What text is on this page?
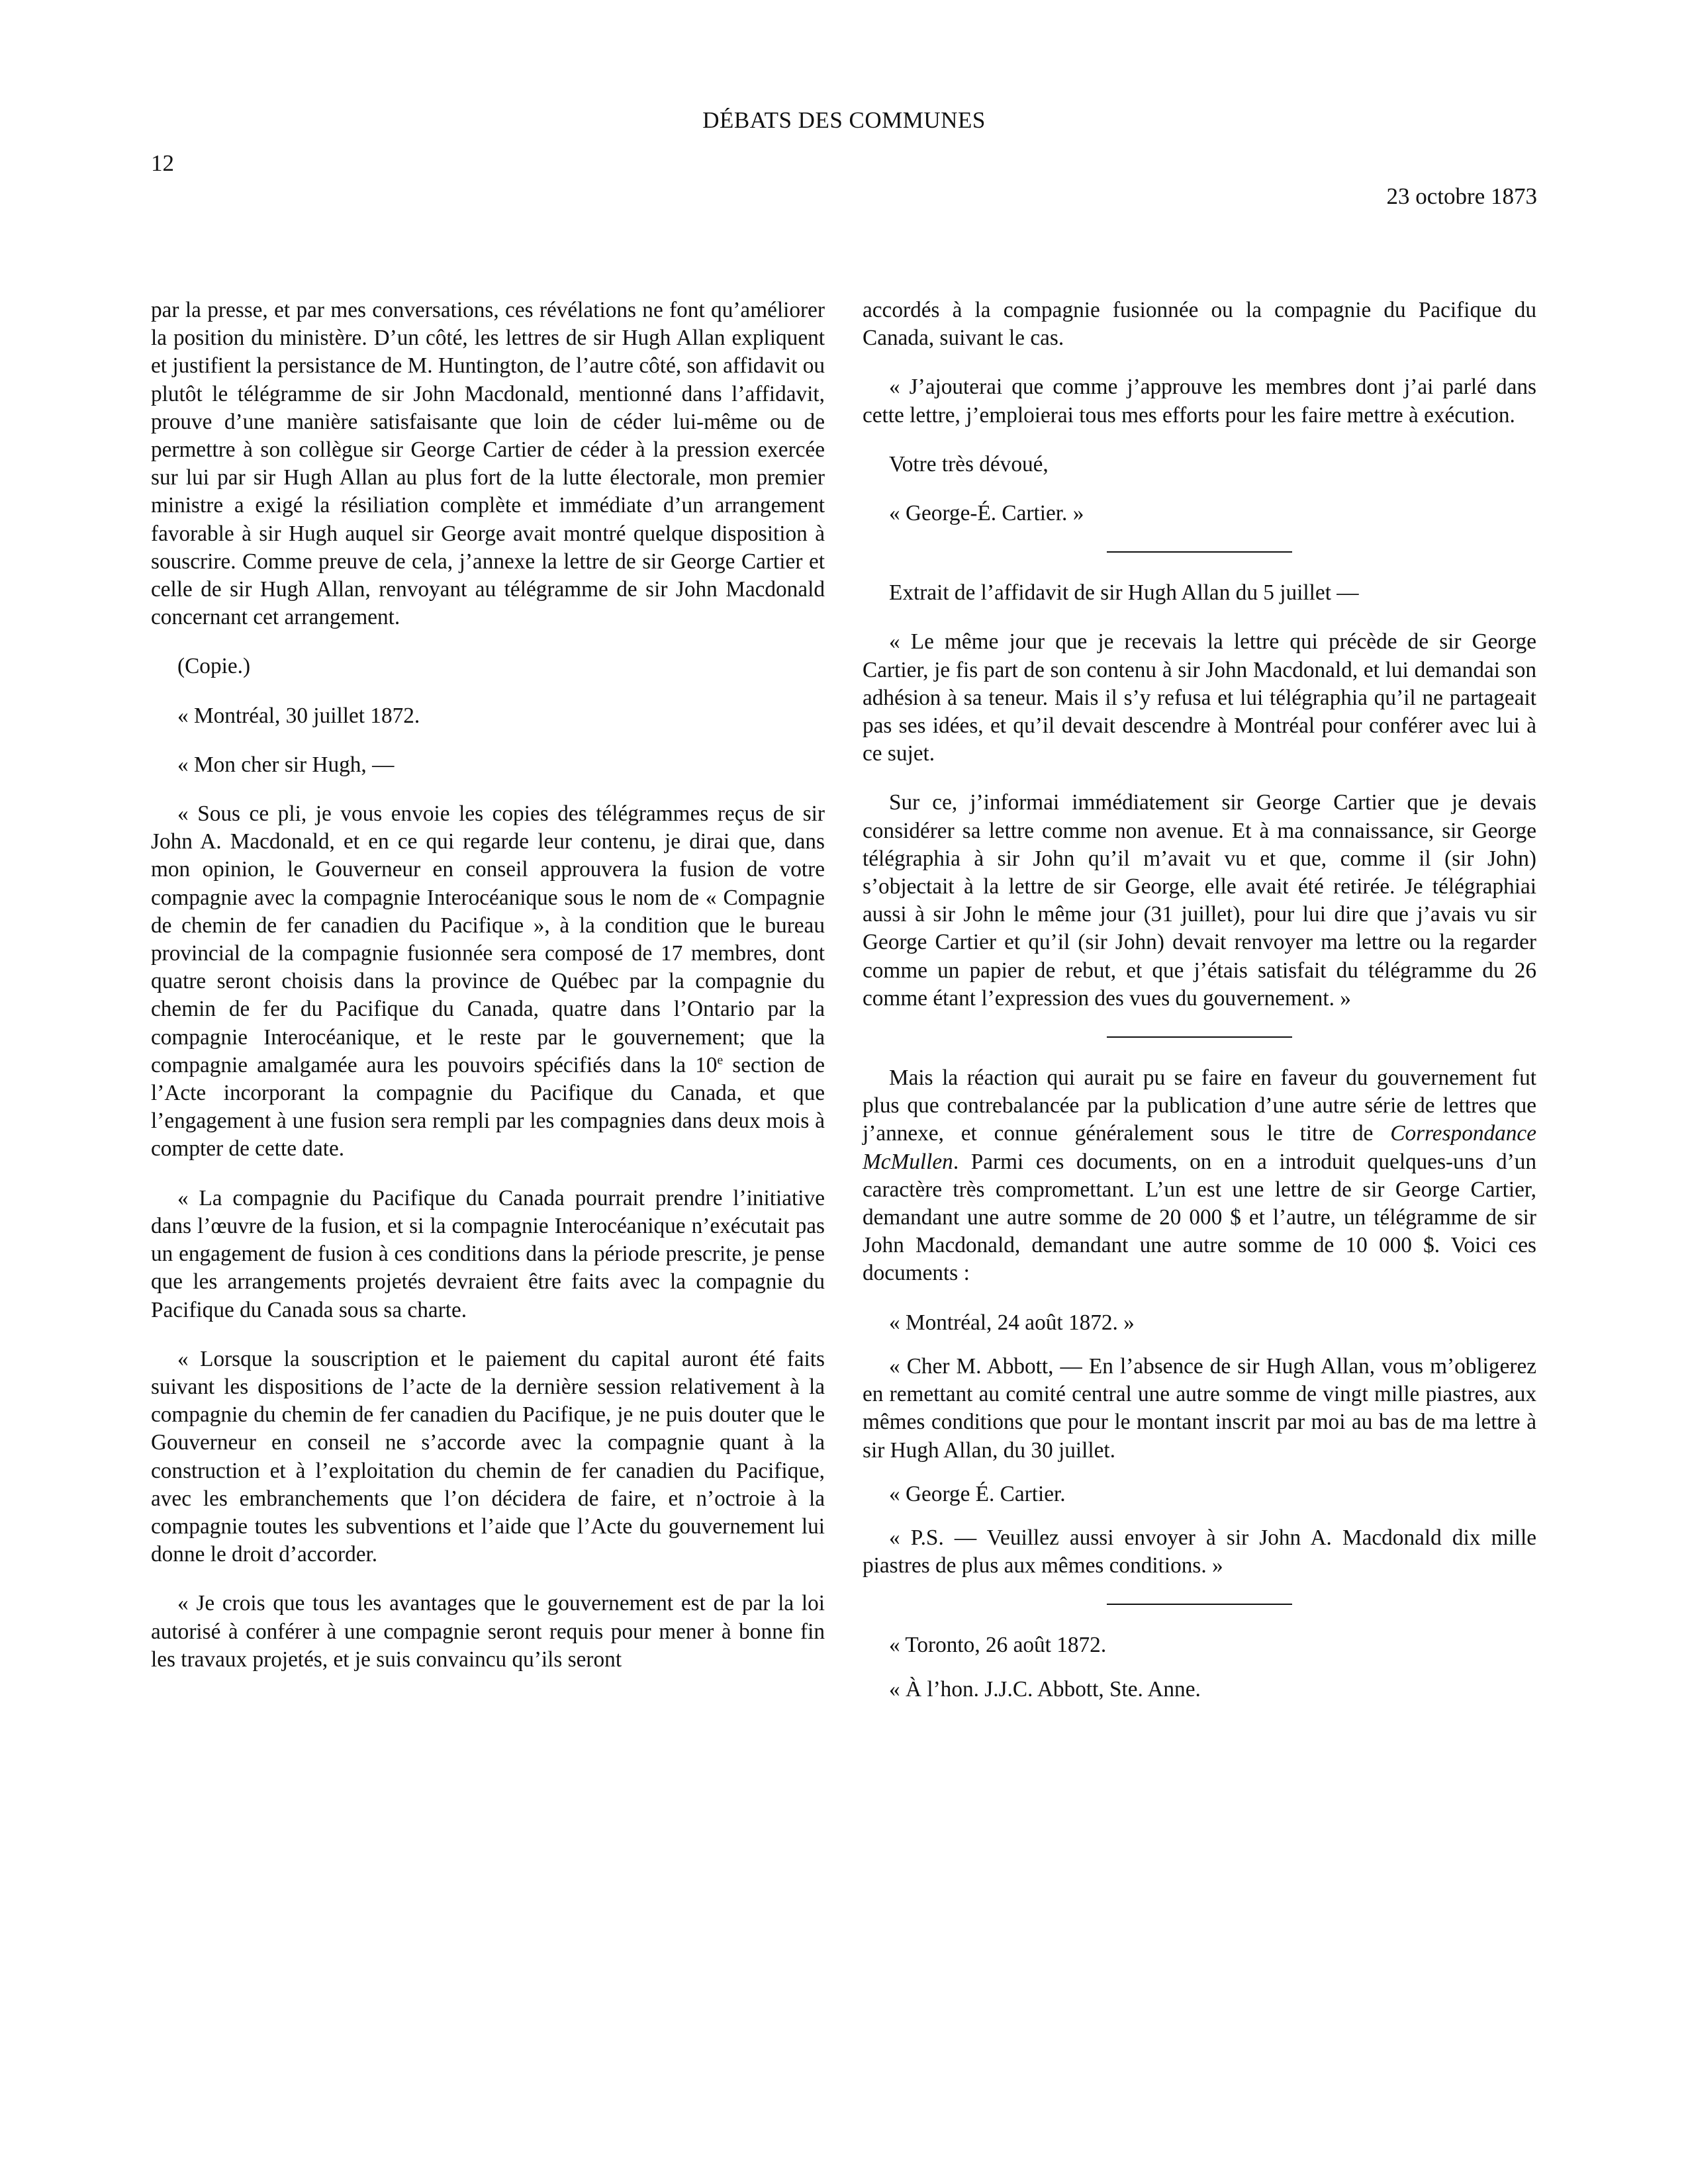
DÉBATS DES COMMUNES
12
23 octobre 1873

par la presse, et par mes conversations, ces révélations ne font qu’améliorer la position du ministère. D’un côté, les lettres de sir Hugh Allan expliquent et justifient la persistance de M. Huntington, de l’autre côté, son affidavit ou plutôt le télégramme de sir John Macdonald, mentionné dans l’affidavit, prouve d’une manière satisfaisante que loin de céder lui-même ou de permettre à son collègue sir George Cartier de céder à la pression exercée sur lui par sir Hugh Allan au plus fort de la lutte électorale, mon premier ministre a exigé la résiliation complète et immédiate d’un arrangement favorable à sir Hugh auquel sir George avait montré quelque disposition à souscrire. Comme preuve de cela, j’annexe la lettre de sir George Cartier et celle de sir Hugh Allan, renvoyant au télégramme de sir John Macdonald concernant cet arrangement.

(Copie.)

« Montréal, 30 juillet 1872.

« Mon cher sir Hugh, —

« Sous ce pli, je vous envoie les copies des télégrammes reçus de sir John A. Macdonald, et en ce qui regarde leur contenu, je dirai que, dans mon opinion, le Gouverneur en conseil approuvera la fusion de votre compagnie avec la compagnie Interocéanique sous le nom de « Compagnie de chemin de fer canadien du Pacifique », à la condition que le bureau provincial de la compagnie fusionnée sera composé de 17 membres, dont quatre seront choisis dans la province de Québec par la compagnie du chemin de fer du Pacifique du Canada, quatre dans l’Ontario par la compagnie Interocéanique, et le reste par le gouvernement; que la compagnie amalgamée aura les pouvoirs spécifiés dans la 10e section de l’Acte incorporant la compagnie du Pacifique du Canada, et que l’engagement à une fusion sera rempli par les compagnies dans deux mois à compter de cette date.

« La compagnie du Pacifique du Canada pourrait prendre l’initiative dans l’œuvre de la fusion, et si la compagnie Interocéanique n’exécutait pas un engagement de fusion à ces conditions dans la période prescrite, je pense que les arrangements projetés devraient être faits avec la compagnie du Pacifique du Canada sous sa charte.

« Lorsque la souscription et le paiement du capital auront été faits suivant les dispositions de l’acte de la dernière session relativement à la compagnie du chemin de fer canadien du Pacifique, je ne puis douter que le Gouverneur en conseil ne s’accorde avec la compagnie quant à la construction et à l’exploitation du chemin de fer canadien du Pacifique, avec les embranchements que l’on décidera de faire, et n’octroie à la compagnie toutes les subventions et l’aide que l’Acte du gouvernement lui donne le droit d’accorder.

« Je crois que tous les avantages que le gouvernement est de par la loi autorisé à conférer à une compagnie seront requis pour mener à bonne fin les travaux projetés, et je suis convaincu qu’ils seront

accordés à la compagnie fusionnée ou la compagnie du Pacifique du Canada, suivant le cas.

« J’ajouterai que comme j’approuve les membres dont j’ai parlé dans cette lettre, j’emploierai tous mes efforts pour les faire mettre à exécution.

Votre très dévoué,

« George-É. Cartier. »

Extrait de l’affidavit de sir Hugh Allan du 5 juillet —

« Le même jour que je recevais la lettre qui précède de sir George Cartier, je fis part de son contenu à sir John Macdonald, et lui demandai son adhésion à sa teneur. Mais il s’y refusa et lui télégraphia qu’il ne partageait pas ses idées, et qu’il devait descendre à Montréal pour conférer avec lui à ce sujet.

Sur ce, j’informai immédiatement sir George Cartier que je devais considérer sa lettre comme non avenue. Et à ma connaissance, sir George télégraphia à sir John qu’il m’avait vu et que, comme il (sir John) s’objectait à la lettre de sir George, elle avait été retirée. Je télégraphiai aussi à sir John le même jour (31 juillet), pour lui dire que j’avais vu sir George Cartier et qu’il (sir John) devait renvoyer ma lettre ou la regarder comme un papier de rebut, et que j’étais satisfait du télégramme du 26 comme étant l’expression des vues du gouvernement. »

Mais la réaction qui aurait pu se faire en faveur du gouvernement fut plus que contrebalancée par la publication d’une autre série de lettres que j’annexe, et connue généralement sous le titre de Correspondance McMullen. Parmi ces documents, on en a introduit quelques-uns d’un caractère très compromettant. L’un est une lettre de sir George Cartier, demandant une autre somme de 20 000 $ et l’autre, un télégramme de sir John Macdonald, demandant une autre somme de 10 000 $. Voici ces documents :

« Montréal, 24 août 1872. »

« Cher M. Abbott, — En l’absence de sir Hugh Allan, vous m’obligerez en remettant au comité central une autre somme de vingt mille piastres, aux mêmes conditions que pour le montant inscrit par moi au bas de ma lettre à sir Hugh Allan, du 30 juillet.

« George É. Cartier.

« P.S. — Veuillez aussi envoyer à sir John A. Macdonald dix mille piastres de plus aux mêmes conditions. »

« Toronto, 26 août 1872.

« À l’hon. J.J.C. Abbott, Ste. Anne.
